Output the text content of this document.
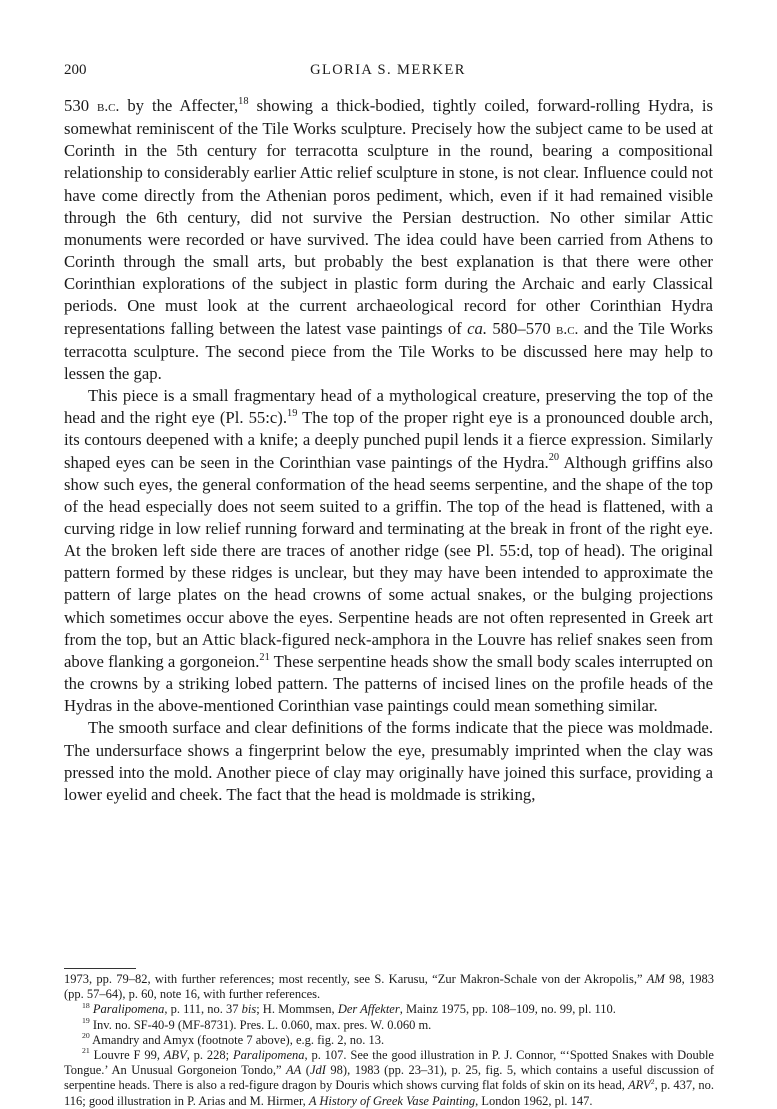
200	GLORIA S. MERKER

530 b.c. by the Affecter,$^{18}$ showing a thick-bodied, tightly coiled, forward-rolling Hydra, is somewhat reminiscent of the Tile Works sculpture. Precisely how the subject came to be used at Corinth in the 5th century for terracotta sculpture in the round, bearing a compositional relationship to considerably earlier Attic relief sculpture in stone, is not clear. Influence could not have come directly from the Athenian poros pediment, which, even if it had remained visible through the 6th century, did not survive the Persian destruction. No other similar Attic monuments were recorded or have survived. The idea could have been carried from Athens to Corinth through the small arts, but probably the best explanation is that there were other Corinthian explorations of the subject in plastic form during the Archaic and early Classical periods. One must look at the current archaeological record for other Corinthian Hydra representations falling between the latest vase paintings of ca. 580–570 b.c. and the Tile Works terracotta sculpture. The second piece from the Tile Works to be discussed here may help to lessen the gap.

This piece is a small fragmentary head of a mythological creature, preserving the top of the head and the right eye (Pl. 55:c).$^{19}$ The top of the proper right eye is a pronounced double arch, its contours deepened with a knife; a deeply punched pupil lends it a fierce expression. Similarly shaped eyes can be seen in the Corinthian vase paintings of the Hydra.$^{20}$ Although griffins also show such eyes, the general conformation of the head seems serpentine, and the shape of the top of the head especially does not seem suited to a griffin. The top of the head is flattened, with a curving ridge in low relief running forward and terminating at the break in front of the right eye. At the broken left side there are traces of another ridge (see Pl. 55:d, top of head). The original pattern formed by these ridges is unclear, but they may have been intended to approximate the pattern of large plates on the head crowns of some actual snakes, or the bulging projections which sometimes occur above the eyes. Serpentine heads are not often represented in Greek art from the top, but an Attic black-figured neck-amphora in the Louvre has relief snakes seen from above flanking a gorgoneion.$^{21}$ These serpentine heads show the small body scales interrupted on the crowns by a striking lobed pattern. The patterns of incised lines on the profile heads of the Hydras in the above-mentioned Corinthian vase paintings could mean something similar.

The smooth surface and clear definitions of the forms indicate that the piece was moldmade. The undersurface shows a fingerprint below the eye, presumably imprinted when the clay was pressed into the mold. Another piece of clay may originally have joined this surface, providing a lower eyelid and cheek. The fact that the head is moldmade is striking,

1973, pp. 79–82, with further references; most recently, see S. Karusu, “Zur Makron-Schale von der Akropolis,” AM 98, 1983 (pp. 57–64), p. 60, note 16, with further references.

$^{18}$ Paralipomena, p. 111, no. 37 bis; H. Mommsen, Der Affekter, Mainz 1975, pp. 108–109, no. 99, pl. 110.

$^{19}$ Inv. no. SF-40-9 (MF-8731). Pres. L. 0.060, max. pres. W. 0.060 m.

$^{20}$ Amandry and Amyx (footnote 7 above), e.g. fig. 2, no. 13.

$^{21}$ Louvre F 99, ABV, p. 228; Paralipomena, p. 107. See the good illustration in P. J. Connor, “‘Spotted Snakes with Double Tongue.’ An Unusual Gorgoneion Tondo,” AA (JdI 98), 1983 (pp. 23–31), p. 25, fig. 5, which contains a useful discussion of serpentine heads. There is also a red-figure dragon by Douris which shows curving flat folds of skin on its head, ARV$^2$, p. 437, no. 116; good illustration in P. Arias and M. Hirmer, A History of Greek Vase Painting, London 1962, pl. 147.
